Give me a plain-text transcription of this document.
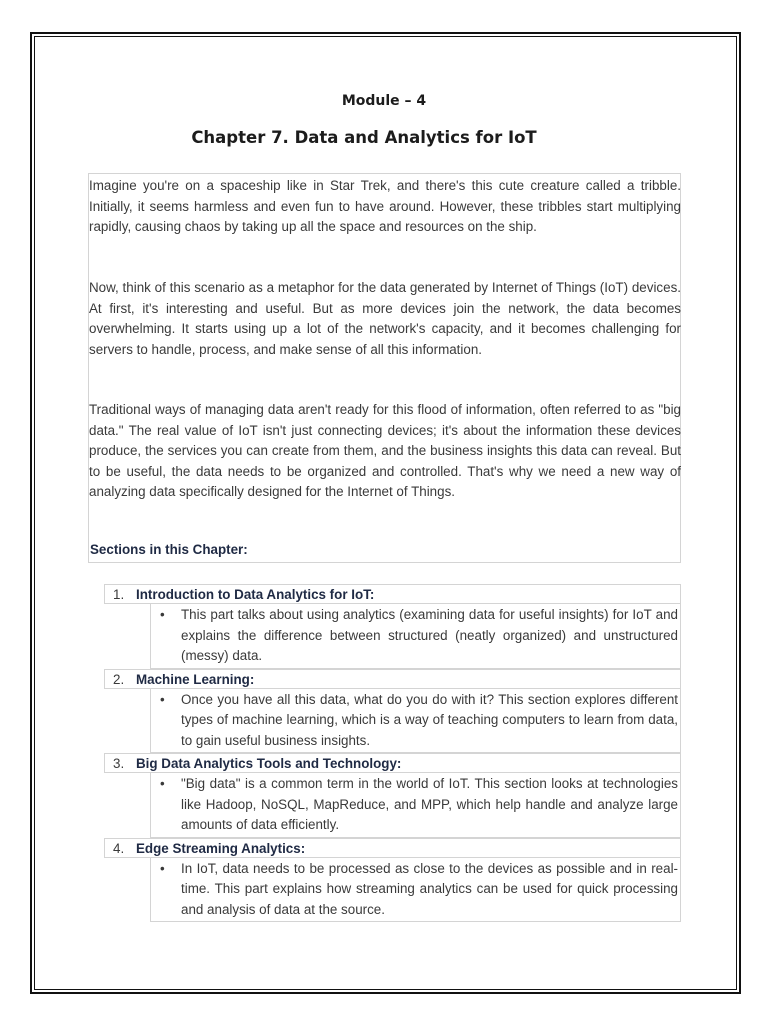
Module – 4
Chapter 7. Data and Analytics for IoT
Imagine you're on a spaceship like in Star Trek, and there's this cute creature called a tribble. Initially, it seems harmless and even fun to have around. However, these tribbles start multiplying rapidly, causing chaos by taking up all the space and resources on the ship.
Now, think of this scenario as a metaphor for the data generated by Internet of Things (IoT) devices. At first, it's interesting and useful. But as more devices join the network, the data becomes overwhelming. It starts using up a lot of the network's capacity, and it becomes challenging for servers to handle, process, and make sense of all this information.
Traditional ways of managing data aren't ready for this flood of information, often referred to as "big data." The real value of IoT isn't just connecting devices; it's about the information these devices produce, the services you can create from them, and the business insights this data can reveal. But to be useful, the data needs to be organized and controlled. That's why we need a new way of analyzing data specifically designed for the Internet of Things.
Sections in this Chapter:
1. Introduction to Data Analytics for IoT:
• This part talks about using analytics (examining data for useful insights) for IoT and explains the difference between structured (neatly organized) and unstructured (messy) data.
2. Machine Learning:
• Once you have all this data, what do you do with it? This section explores different types of machine learning, which is a way of teaching computers to learn from data, to gain useful business insights.
3. Big Data Analytics Tools and Technology:
• "Big data" is a common term in the world of IoT. This section looks at technologies like Hadoop, NoSQL, MapReduce, and MPP, which help handle and analyze large amounts of data efficiently.
4. Edge Streaming Analytics:
• In IoT, data needs to be processed as close to the devices as possible and in real-time. This part explains how streaming analytics can be used for quick processing and analysis of data at the source.
